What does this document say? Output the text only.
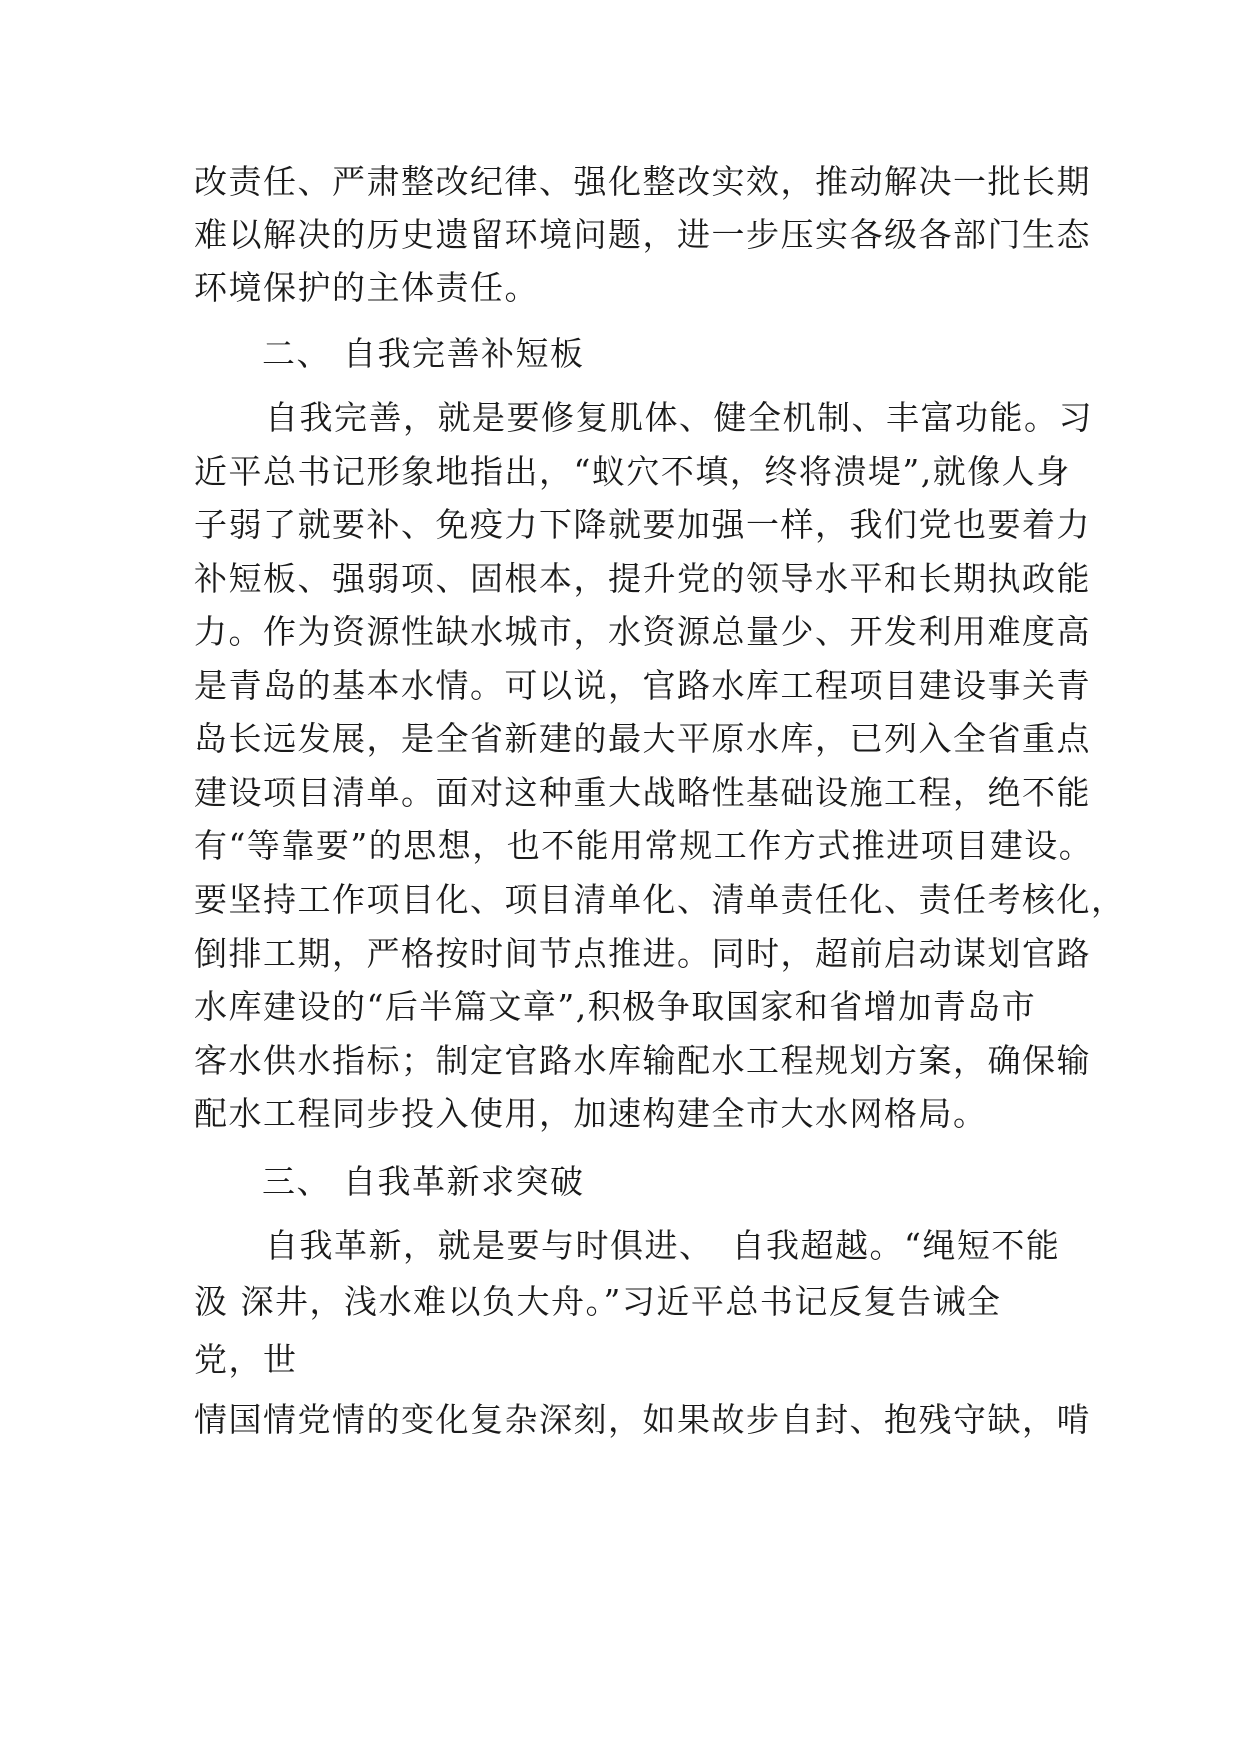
改责任、严肃整改纪律、强化整改实效，推动解决一批长期
难以解决的历史遗留环境问题，进一步压实各级各部门生态
环境保护的主体责任。
二、 自我完善补短板
自我完善，就是要修复肌体、健全机制、丰富功能。习
近平总书记形象地指出，“蚁穴不填，终将溃堤”,就像人身
子弱了就要补、免疫力下降就要加强一样，我们党也要着力
补短板、强弱项、固根本，提升党的领导水平和长期执政能
力。作为资源性缺水城市，水资源总量少、开发利用难度高
是青岛的基本水情。可以说，官路水库工程项目建设事关青
岛长远发展，是全省新建的最大平原水库，已列入全省重点
建设项目清单。面对这种重大战略性基础设施工程，绝不能
有“等靠要”的思想，也不能用常规工作方式推进项目建设。
要坚持工作项目化、项目清单化、清单责任化、责任考核化，
倒排工期，严格按时间节点推进。同时，超前启动谋划官路
水库建设的“后半篇文章”,积极争取国家和省增加青岛市
客水供水指标；制定官路水库输配水工程规划方案，确保输
配水工程同步投入使用，加速构建全市大水网格局。
三、 自我革新求突破
自我革新，就是要与时俱进、　自我超越。“绳短不能
汲 深井，浅水难以负大舟。”习近平总书记反复告诫全
党，世
情国情党情的变化复杂深刻，如果故步自封、抱残守缺，啃
